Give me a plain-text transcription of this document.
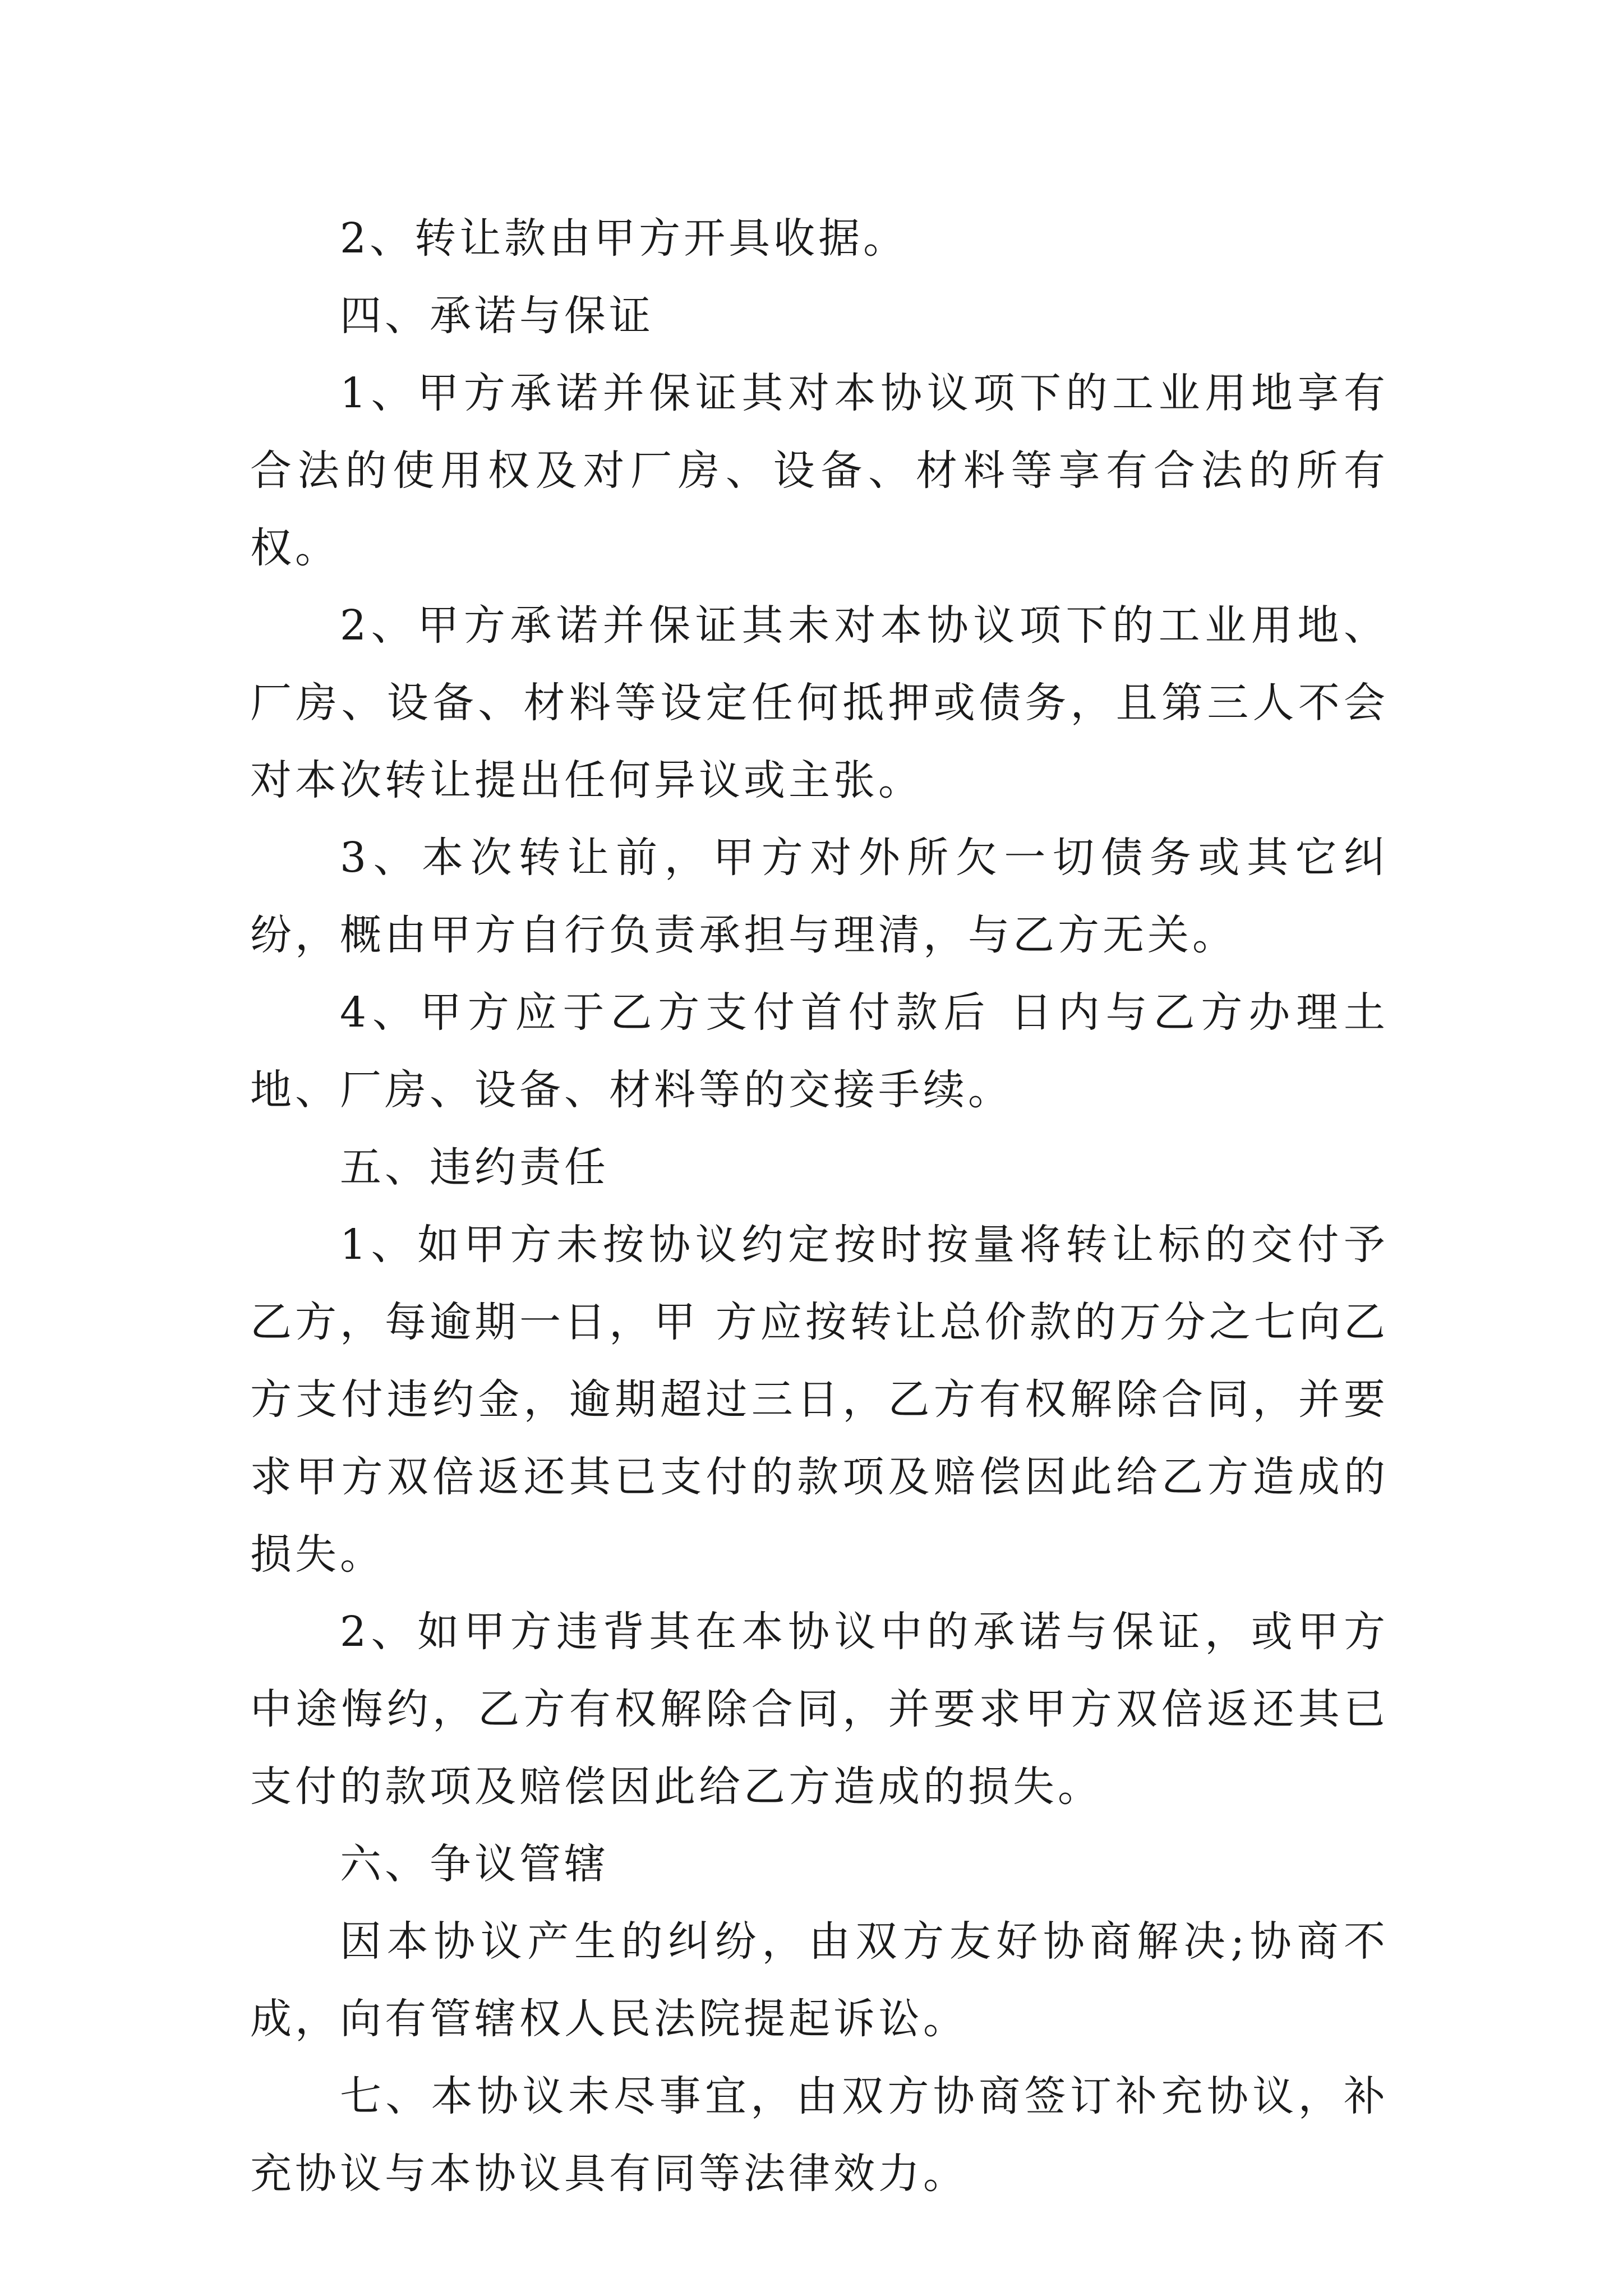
2、转让款由甲方开具收据。

四、承诺与保证

1、甲方承诺并保证其对本协议项下的工业用地享有合法的使用权及对厂房、设备、材料等享有合法的所有权。

2、甲方承诺并保证其未对本协议项下的工业用地、厂房、设备、材料等设定任何抵押或债务，且第三人不会对本次转让提出任何异议或主张。

3、本次转让前，甲方对外所欠一切债务或其它纠纷，概由甲方自行负责承担与理清，与乙方无关。

4、甲方应于乙方支付首付款后 日内与乙方办理土地、厂房、设备、材料等的交接手续。

五、违约责任

1、如甲方未按协议约定按时按量将转让标的交付予乙方，每逾期一日，甲 方应按转让总价款的万分之七向乙方支付违约金，逾期超过三日，乙方有权解除合同，并要求甲方双倍返还其已支付的款项及赔偿因此给乙方造成的损失。

2、如甲方违背其在本协议中的承诺与保证，或甲方中途悔约，乙方有权解除合同，并要求甲方双倍返还其已支付的款项及赔偿因此给乙方造成的损失。

六、争议管辖

因本协议产生的纠纷，由双方友好协商解决;协商不成，向有管辖权人民法院提起诉讼。

七、本协议未尽事宜，由双方协商签订补充协议，补充协议与本协议具有同等法律效力。
